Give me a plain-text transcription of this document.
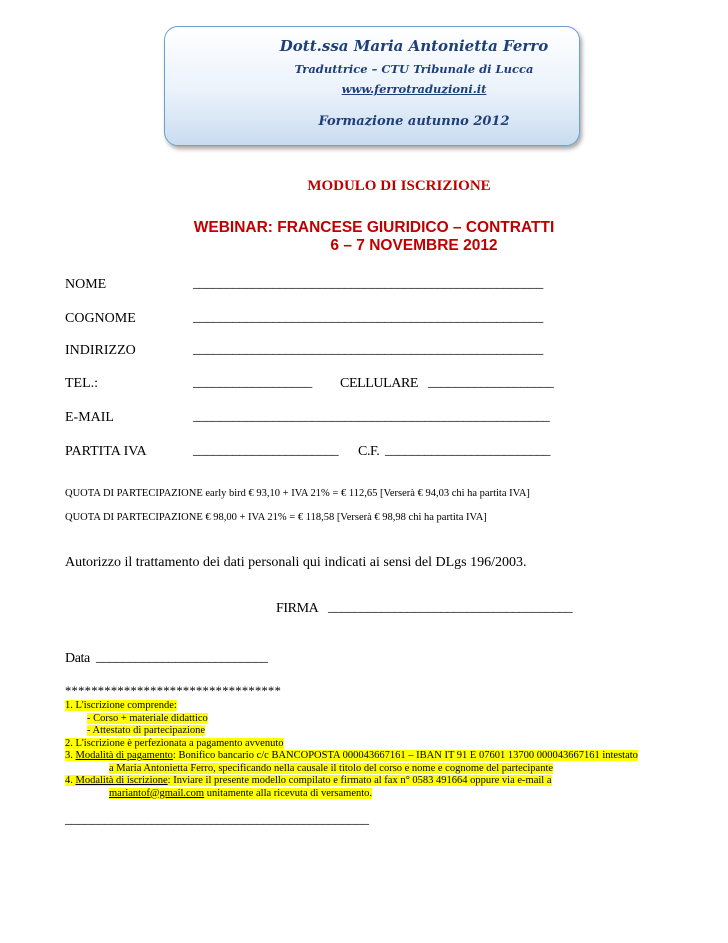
Dott.ssa Maria Antonietta Ferro
Traduttrice – CTU Tribunale di Lucca
www.ferrotraduzioni.it
Formazione autunno 2012
MODULO DI ISCRIZIONE
WEBINAR: FRANCESE GIURIDICO – CONTRATTI
6 – 7 NOVEMBRE 2012
NOME	_____________________________________________________
COGNOME	_____________________________________________________
INDIRIZZO	_____________________________________________________
TEL.:	__________________ CELLULARE ___________________
E-MAIL	______________________________________________________
PARTITA IVA	______________________ C.F. _________________________
QUOTA DI PARTECIPAZIONE early bird € 93,10 + IVA 21% = € 112,65 [Verserà € 94,03 chi ha partita IVA]
QUOTA DI PARTECIPAZIONE € 98,00 + IVA 21% = € 118,58 [Verserà € 98,98 chi ha partita IVA]
Autorizzo il trattamento dei dati personali qui indicati ai sensi del DLgs 196/2003.
FIRMA _____________________________________
Data __________________________
*********************************
1. L'iscrizione comprende:
- Corso + materiale didattico
- Attestato di partecipazione
2. L'iscrizione è perfezionata a pagamento avvenuto
3. Modalità di pagamento: Bonifico bancario c/c BANCOPOSTA 000043667161 – IBAN IT 91 E 07601 13700 000043667161 intestato
a Maria Antonietta Ferro, specificando nella causale il titolo del corso e nome e cognome del partecipante
4. Modalità di iscrizione: Inviare il presente modello compilato e firmato al fax n° 0583 491664 oppure via e-mail a
mariantof@gmail.com unitamente alla ricevuta di versamento.
______________________________________________
